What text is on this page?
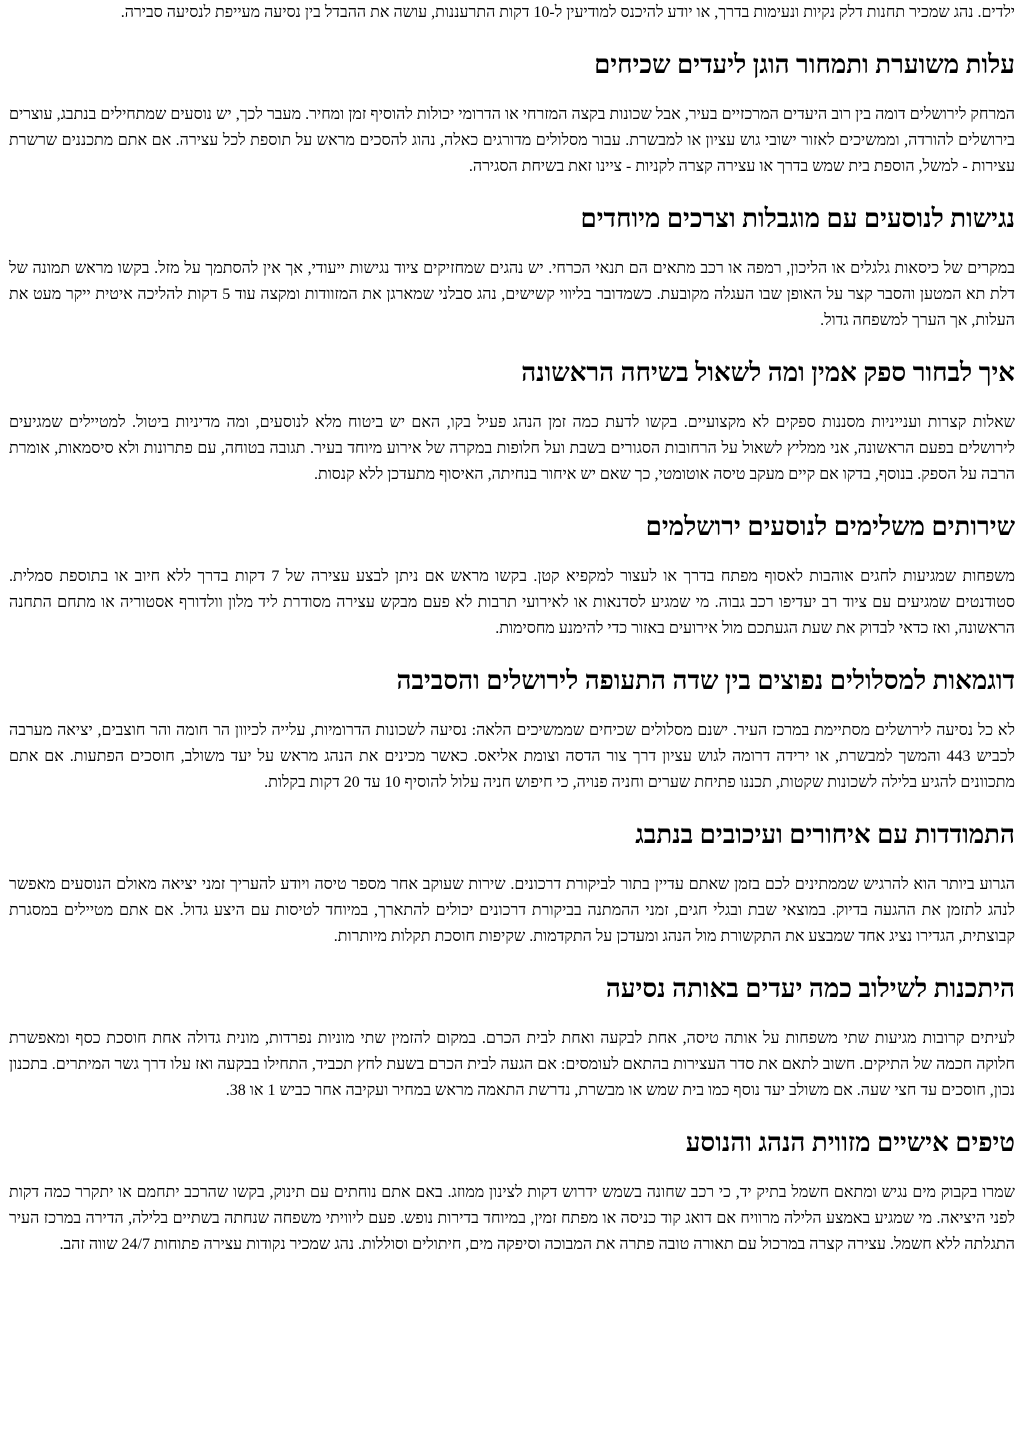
ילדים. נהג שמכיר תחנות דלק נקיות ונעימות בדרך, או יודע להיכנס למודיעין ל-10 דקות התרעננות, עושה את ההבדל בין נסיעה מעייפת לנסיעה סבירה.

עלות משוערת ותמחור הוגן ליעדים שכיחים

המרחק לירושלים דומה בין רוב היעדים המרכזיים בעיר, אבל שכונות בקצה המזרחי או הדרומי יכולות להוסיף זמן ומחיר. מעבר לכך, יש נוסעים שמתחילים בנתבג, עוצרים בירושלים להורדה, וממשיכים לאזור ישובי גוש עציון או למבשרת. עבור מסלולים מדורגים כאלה, נהוג להסכים מראש על תוספת לכל עצירה. אם אתם מתכננים שרשרת עצירות - למשל, הוספת בית שמש בדרך או עצירה קצרה לקניות - ציינו זאת בשיחת הסגירה.

נגישות לנוסעים עם מוגבלות וצרכים מיוחדים

במקרים של כיסאות גלגלים או הליכון, רמפה או רכב מתאים הם תנאי הכרחי. יש נהגים שמחזיקים ציוד נגישות ייעודי, אך אין להסתמך על מזל. בקשו מראש תמונה של דלת תא המטען והסבר קצר על האופן שבו העגלה מקובעת. כשמדובר בליווי קשישים, נהג סבלני שמארגן את המזוודות ומקצה עוד 5 דקות להליכה איטית ייקר מעט את העלות, אך הערך למשפחה גדול.

איך לבחור ספק אמין ומה לשאול בשיחה הראשונה

שאלות קצרות וענייניות מסננות ספקים לא מקצועיים. בקשו לדעת כמה זמן הנהג פעיל בקו, האם יש ביטוח מלא לנוסעים, ומה מדיניות ביטול. למטיילים שמגיעים לירושלים בפעם הראשונה, אני ממליץ לשאול על הרחובות הסגורים בשבת ועל חלופות במקרה של אירוע מיוחד בעיר. תגובה בטוחה, עם פתרונות ולא סיסמאות, אומרת הרבה על הספק. בנוסף, בדקו אם קיים מעקב טיסה אוטומטי, כך שאם יש איחור בנחיתה, האיסוף מתעדכן ללא קנסות.

שירותים משלימים לנוסעים ירושלמים

משפחות שמגיעות לחגים אוהבות לאסוף מפתח בדרך או לעצור למקפיא קטן. בקשו מראש אם ניתן לבצע עצירה של 7 דקות בדרך ללא חיוב או בתוספת סמלית. סטודנטים שמגיעים עם ציוד רב יעדיפו רכב גבוה. מי שמגיע לסדנאות או לאירועי תרבות לא פעם מבקש עצירה מסודרת ליד מלון וולדורף אסטוריה או מתחם התחנה הראשונה, ואז כדאי לבדוק את שעת הגעתכם מול אירועים באזור כדי להימנע מחסימות.

דוגמאות למסלולים נפוצים בין שדה התעופה לירושלים והסביבה

לא כל נסיעה לירושלים מסתיימת במרכז העיר. ישנם מסלולים שכיחים שממשיכים הלאה: נסיעה לשכונות הדרומיות, עלייה לכיוון הר חומה והר חוצבים, יציאה מערבה לכביש 443 והמשך למבשרת, או ירידה דרומה לגוש עציון דרך צור הדסה וצומת אליאס. כאשר מכינים את הנהג מראש על יעד משולב, חוסכים הפתעות. אם אתם מתכוונים להגיע בלילה לשכונות שקטות, תכננו פתיחת שערים וחניה פנויה, כי חיפוש חניה עלול להוסיף 10 עד 20 דקות בקלות.

התמודדות עם איחורים ועיכובים בנתבג

הגרוע ביותר הוא להרגיש שממתינים לכם בזמן שאתם עדיין בתור לביקורת דרכונים. שירות שעוקב אחר מספר טיסה ויודע להעריך זמני יציאה מאולם הנוסעים מאפשר לנהג לתזמן את ההגעה בדיוק. במוצאי שבת ובגלי חגים, זמני ההמתנה בביקורת דרכונים יכולים להתארך, במיוחד לטיסות עם היצע גדול. אם אתם מטיילים במסגרת קבוצתית, הגדירו נציג אחד שמבצע את התקשורת מול הנהג ומעדכן על התקדמות. שקיפות חוסכת תקלות מיותרות.

היתכנות לשילוב כמה יעדים באותה נסיעה

לעיתים קרובות מגיעות שתי משפחות על אותה טיסה, אחת לבקעה ואחת לבית הכרם. במקום להזמין שתי מוניות נפרדות, מונית גדולה אחת חוסכת כסף ומאפשרת חלוקה חכמה של התיקים. חשוב לתאם את סדר העצירות בהתאם לעומסים: אם הגעה לבית הכרם בשעת לחץ תכביד, התחילו בבקעה ואז עלו דרך גשר המיתרים. בתכנון נכון, חוסכים עד חצי שעה. אם משולב יעד נוסף כמו בית שמש או מבשרת, נדרשת התאמה מראש במחיר ועקיבה אחר כביש 1 או 38.

טיפים אישיים מזווית הנהג והנוסע

שמרו בקבוק מים נגיש ומתאם חשמל בתיק יד, כי רכב שחונה בשמש ידרוש דקות לצינון ממוזג. באם אתם נוחתים עם תינוק, בקשו שהרכב יתחמם או יתקרר כמה דקות לפני היציאה. מי שמגיע באמצע הלילה מרוויח אם דואג קוד כניסה או מפתח זמין, במיוחד בדירות נופש. פעם ליוויתי משפחה שנחתה בשתיים בלילה, הדירה במרכז העיר התגלתה ללא חשמל. עצירה קצרה במרכול עם תאורה טובה פתרה את המבוכה וסיפקה מים, חיתולים וסוללות. נהג שמכיר נקודות עצירה פתוחות 24/7 שווה זהב.
